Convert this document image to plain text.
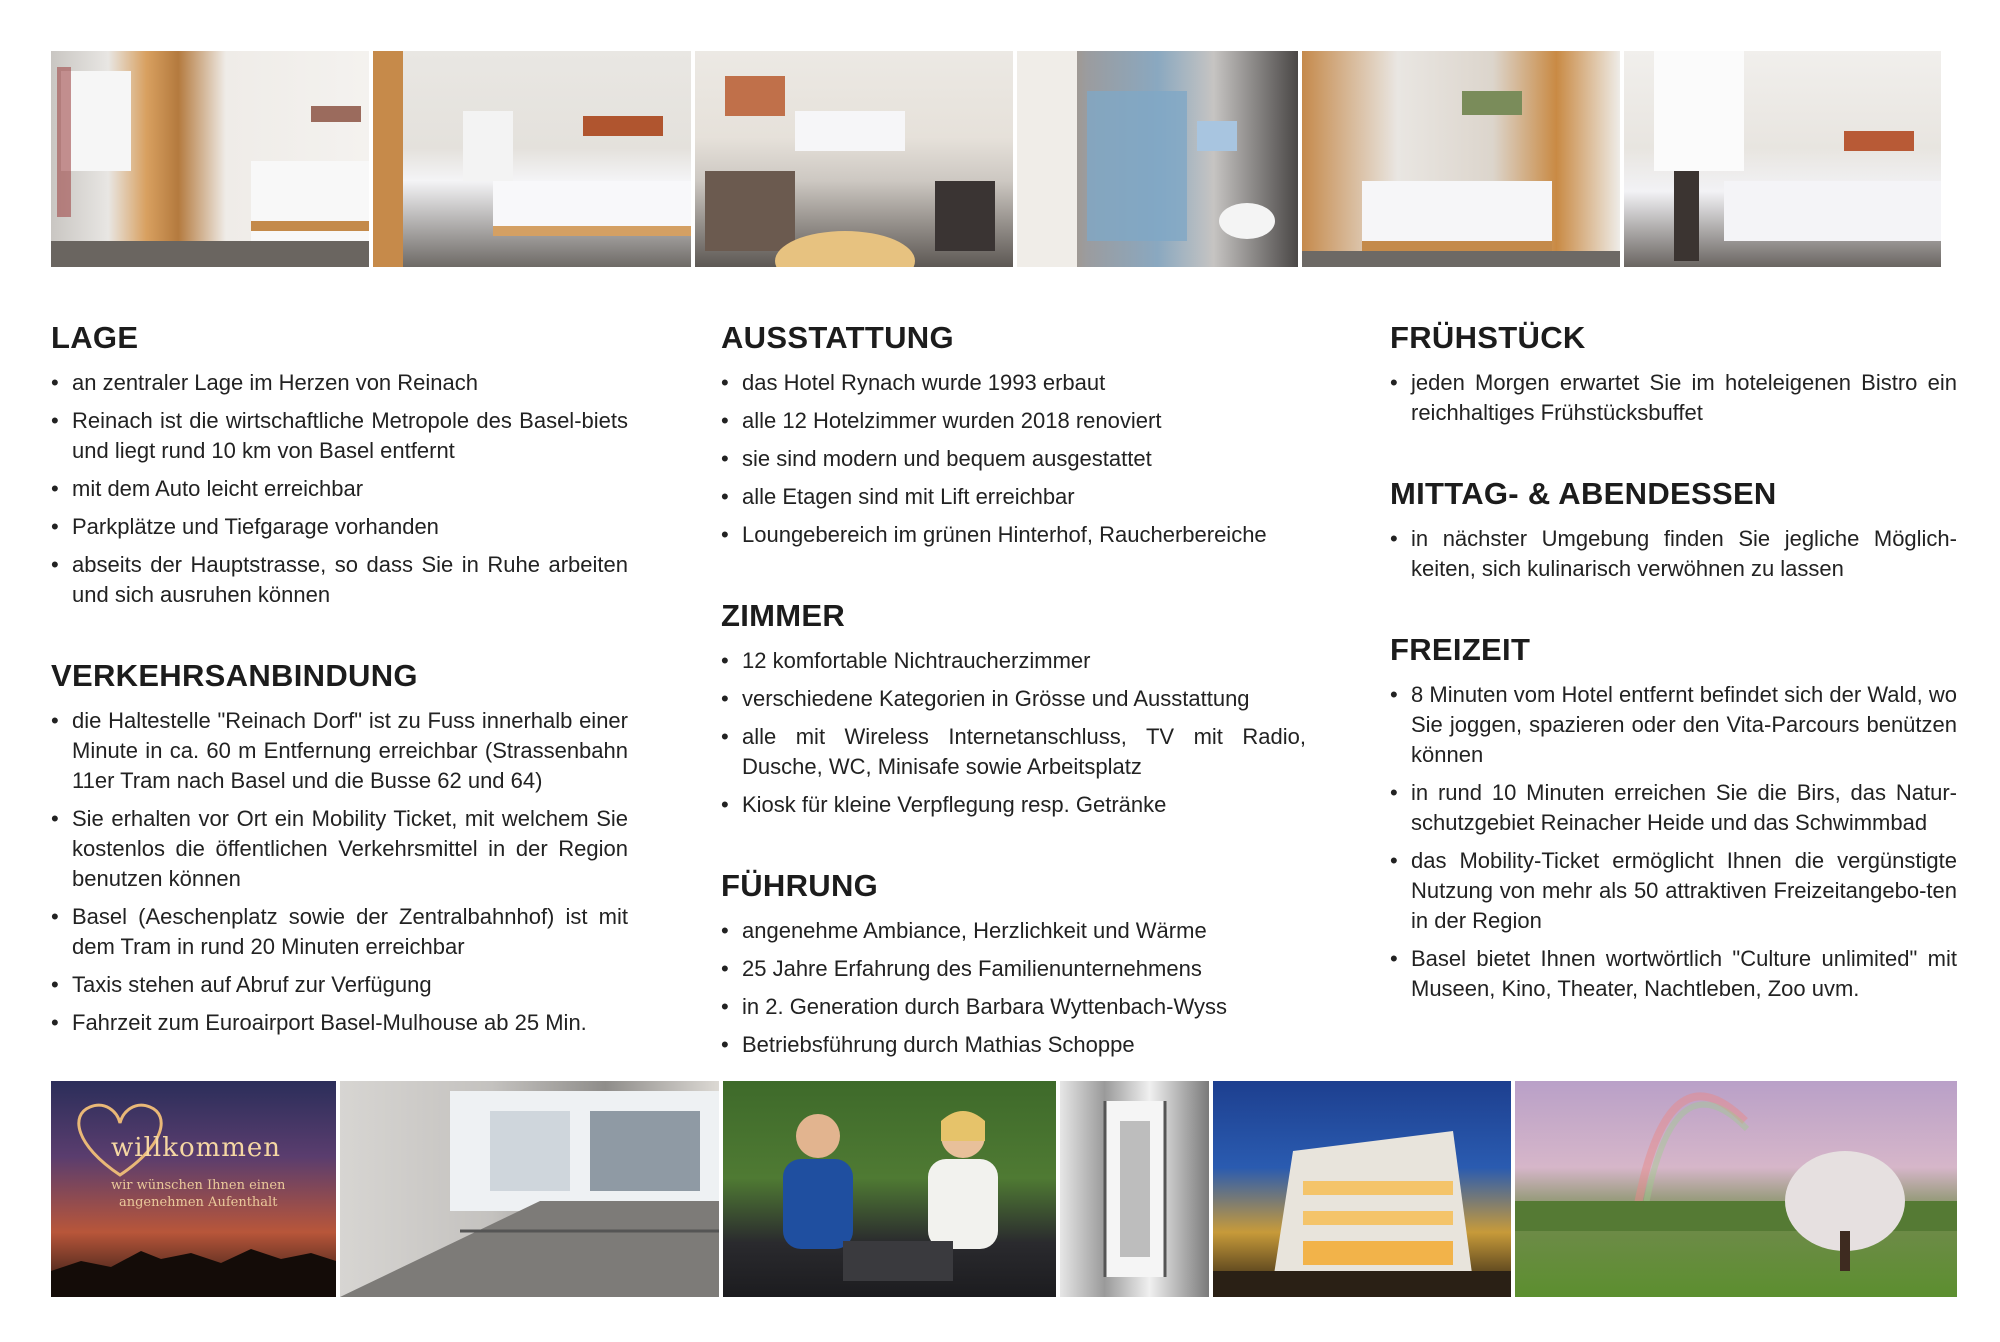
LAGE
• an zentraler Lage im Herzen von Reinach
• Reinach ist die wirtschaftliche Metropole des Basel-biets und liegt rund 10 km von Basel entfernt
• mit dem Auto leicht erreichbar
• Parkplätze und Tiefgarage vorhanden
• abseits der Hauptstrasse, so dass Sie in Ruhe arbeiten und sich ausruhen können
VERKEHRSANBINDUNG
• die Haltestelle "Reinach Dorf" ist zu Fuss innerhalb einer Minute in ca. 60 m Entfernung erreichbar (Strassenbahn 11er Tram nach Basel und die Busse 62 und 64)
• Sie erhalten vor Ort ein Mobility Ticket, mit welchem Sie kostenlos die öffentlichen Verkehrsmittel in der Region benutzen können
• Basel (Aeschenplatz sowie der Zentralbahnhof) ist mit dem Tram in rund 20 Minuten erreichbar
• Taxis stehen auf Abruf zur Verfügung
• Fahrzeit zum Euroairport Basel-Mulhouse ab 25 Min.
AUSSTATTUNG
• das Hotel Rynach wurde 1993 erbaut
• alle 12 Hotelzimmer wurden 2018 renoviert
• sie sind modern und bequem ausgestattet
• alle Etagen sind mit Lift erreichbar
• Loungebereich im grünen Hinterhof, Raucherbereiche
ZIMMER
• 12 komfortable Nichtraucherzimmer
• verschiedene Kategorien in Grösse und Ausstattung
• alle mit Wireless Internetanschluss, TV mit Radio, Dusche, WC, Minisafe sowie Arbeitsplatz
• Kiosk für kleine Verpflegung resp. Getränke
FÜHRUNG
• angenehme Ambiance, Herzlichkeit und Wärme
• 25 Jahre Erfahrung des Familienunternehmens
• in 2. Generation durch Barbara Wyttenbach-Wyss
• Betriebsführung durch Mathias Schoppe
FRÜHSTÜCK
• jeden Morgen erwartet Sie im hoteleigenen Bistro ein reichhaltiges Frühstücksbuffet
MITTAG- & ABENDESSEN
• in nächster Umgebung finden Sie jegliche Möglich-keiten, sich kulinarisch verwöhnen zu lassen
FREIZEIT
• 8 Minuten vom Hotel entfernt befindet sich der Wald, wo Sie joggen, spazieren oder den Vita-Parcours benützen können
• in rund 10 Minuten erreichen Sie die Birs, das Natur-schutzgebiet Reinacher Heide und das Schwimmbad
• das Mobility-Ticket ermöglicht Ihnen die vergünstigte Nutzung von mehr als 50 attraktiven Freizeitangebo-ten in der Region
• Basel bietet Ihnen wortwörtlich "Culture unlimited" mit Museen, Kino, Theater, Nachtleben, Zoo uvm.
willkommen
wir wünschen Ihnen einen
angenehmen Aufenthalt
